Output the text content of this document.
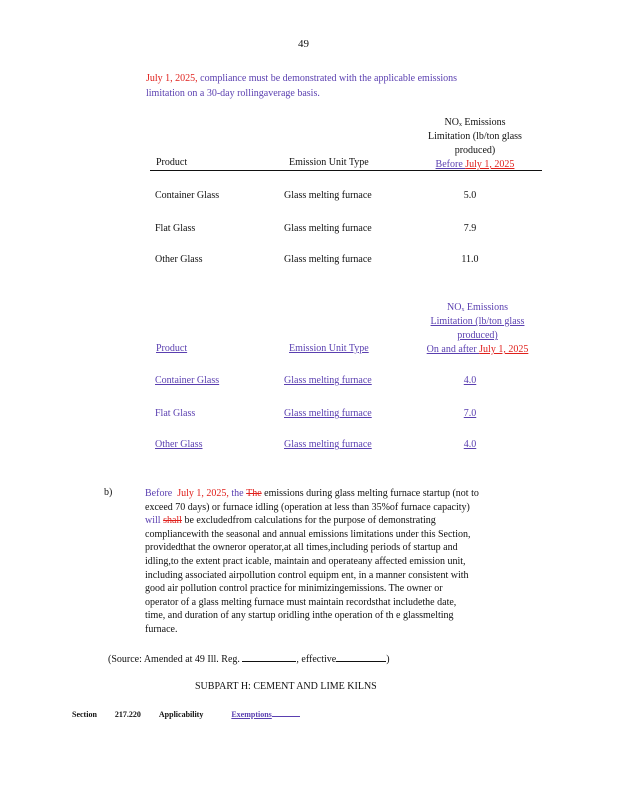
49
July 1, 2025, compliance must be demonstrated with the applicable emissions
limitation on a 30-day rollingaverage basis.
NOₓ Emissions
Limitation (lb/ton glass
produced)
Before July 1, 2025
Product	Emission Unit Type
Container Glass	Glass melting furnace	5.0
Flat Glass	Glass melting furnace	7.9
Other Glass	Glass melting furnace	11.0
NOₓ Emissions
Limitation (lb/ton glass
produced)
On and after July 1, 2025
Product	Emission Unit Type
Container Glass	Glass melting furnace	4.0
Flat Glass	Glass melting furnace	7.0
Other Glass	Glass melting furnace	4.0
b)	Before July 1, 2025, the The emissions during glass melting furnace startup (not to

exceed 70 days) or furnace idling (operation at less than 35%of furnace capacity)

will shall be excludedfrom calculations for the purpose of demonstrating

compliancewith the seasonal and annual emissions limitations under this Section,

providedthat the owneror operator,at all times,including periods of startup and

idling,to the extent pract icable, maintain and operateany affected emission unit,

including associated airpollution control equipm ent, in a manner consistent with

good air pollution control practice for minimizingemissions. The owner or

operator of a glass melting furnace must maintain recordsthat includethe date,

time, and duration of any startup oridling inthe operation of th e glassmelting

furnace.

(Source: Amended at 49 Ill. Reg.	, effective	)
SUBPART H: CEMENT AND LIME KILNS
Section 217.220 Applicability	Exemptions
